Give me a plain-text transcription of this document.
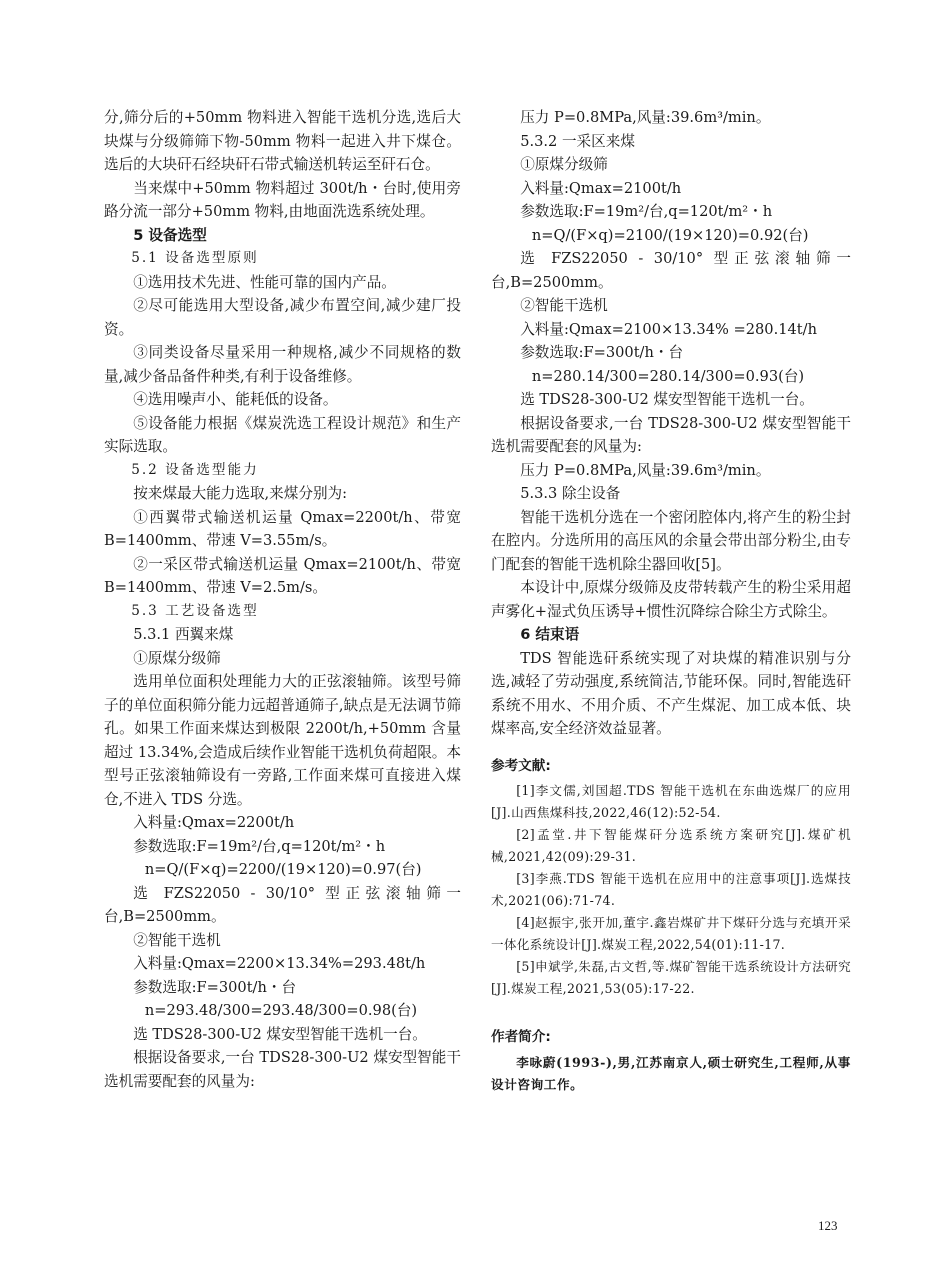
分,筛分后的+50mm 物料进入智能干选机分选,选后大块煤与分级筛筛下物-50mm 物料一起进入井下煤仓。选后的大块矸石经块矸石带式输送机转运至矸石仓。

当来煤中+50mm 物料超过 300t/h・台时,使用旁路分流一部分+50mm 物料,由地面洗选系统处理。

5 设备选型

5.1 设备选型原则

①选用技术先进、性能可靠的国内产品。

②尽可能选用大型设备,减少布置空间,减少建厂投资。

③同类设备尽量采用一种规格,减少不同规格的数量,减少备品备件种类,有利于设备维修。

④选用噪声小、能耗低的设备。

⑤设备能力根据《煤炭洗选工程设计规范》和生产实际选取。

5.2 设备选型能力

按来煤最大能力选取,来煤分别为:

①西翼带式输送机运量 Qmax=2200t/h、带宽 B=1400mm、带速 V=3.55m/s。

②一采区带式输送机运量 Qmax=2100t/h、带宽 B=1400mm、带速 V=2.5m/s。

5.3 工艺设备选型

5.3.1 西翼来煤

①原煤分级筛

选用单位面积处理能力大的正弦滚轴筛。该型号筛子的单位面积筛分能力远超普通筛子,缺点是无法调节筛孔。如果工作面来煤达到极限 2200t/h,+50mm 含量超过 13.34%,会造成后续作业智能干选机负荷超限。本型号正弦滚轴筛设有一旁路,工作面来煤可直接进入煤仓,不进入 TDS 分选。

入料量:Qmax=2200t/h

参数选取:F=19m²/台,q=120t/m²・h

n=Q/(F×q)=2200/(19×120)=0.97(台)

选 FZS22050 - 30/10° 型正弦滚轴筛一台,B=2500mm。

②智能干选机

入料量:Qmax=2200×13.34%=293.48t/h

参数选取:F=300t/h・台

n=293.48/300=293.48/300=0.98(台)

选 TDS28-300-U2 煤安型智能干选机一台。

根据设备要求,一台 TDS28-300-U2 煤安型智能干选机需要配套的风量为:

压力 P=0.8MPa,风量:39.6m³/min。

5.3.2 一采区来煤

①原煤分级筛

入料量:Qmax=2100t/h

参数选取:F=19m²/台,q=120t/m²・h

n=Q/(F×q)=2100/(19×120)=0.92(台)

选 FZS22050 - 30/10° 型正弦滚轴筛一台,B=2500mm。

②智能干选机

入料量:Qmax=2100×13.34% =280.14t/h

参数选取:F=300t/h・台

n=280.14/300=280.14/300=0.93(台)

选 TDS28-300-U2 煤安型智能干选机一台。

根据设备要求,一台 TDS28-300-U2 煤安型智能干选机需要配套的风量为:

压力 P=0.8MPa,风量:39.6m³/min。

5.3.3 除尘设备

智能干选机分选在一个密闭腔体内,将产生的粉尘封在腔内。分选所用的高压风的余量会带出部分粉尘,由专门配套的智能干选机除尘器回收[5]。

本设计中,原煤分级筛及皮带转载产生的粉尘采用超声雾化+湿式负压诱导+惯性沉降综合除尘方式除尘。

6 结束语

TDS 智能选矸系统实现了对块煤的精准识别与分选,减轻了劳动强度,系统简洁,节能环保。同时,智能选矸系统不用水、不用介质、不产生煤泥、加工成本低、块煤率高,安全经济效益显著。

参考文献:

[1]李文儒,刘国超.TDS 智能干选机在东曲选煤厂的应用[J].山西焦煤科技,2022,46(12):52-54.

[2]孟堂.井下智能煤矸分选系统方案研究[J].煤矿机械,2021,42(09):29-31.

[3]李燕.TDS 智能干选机在应用中的注意事项[J].选煤技术,2021(06):71-74.

[4]赵振宇,张开加,董宇.鑫岩煤矿井下煤矸分选与充填开采一体化系统设计[J].煤炭工程,2022,54(01):11-17.

[5]申斌学,朱磊,古文哲,等.煤矿智能干选系统设计方法研究[J].煤炭工程,2021,53(05):17-22.

作者简介:

李咏蔚(1993-),男,江苏南京人,硕士研究生,工程师,从事设计咨询工作。

123
